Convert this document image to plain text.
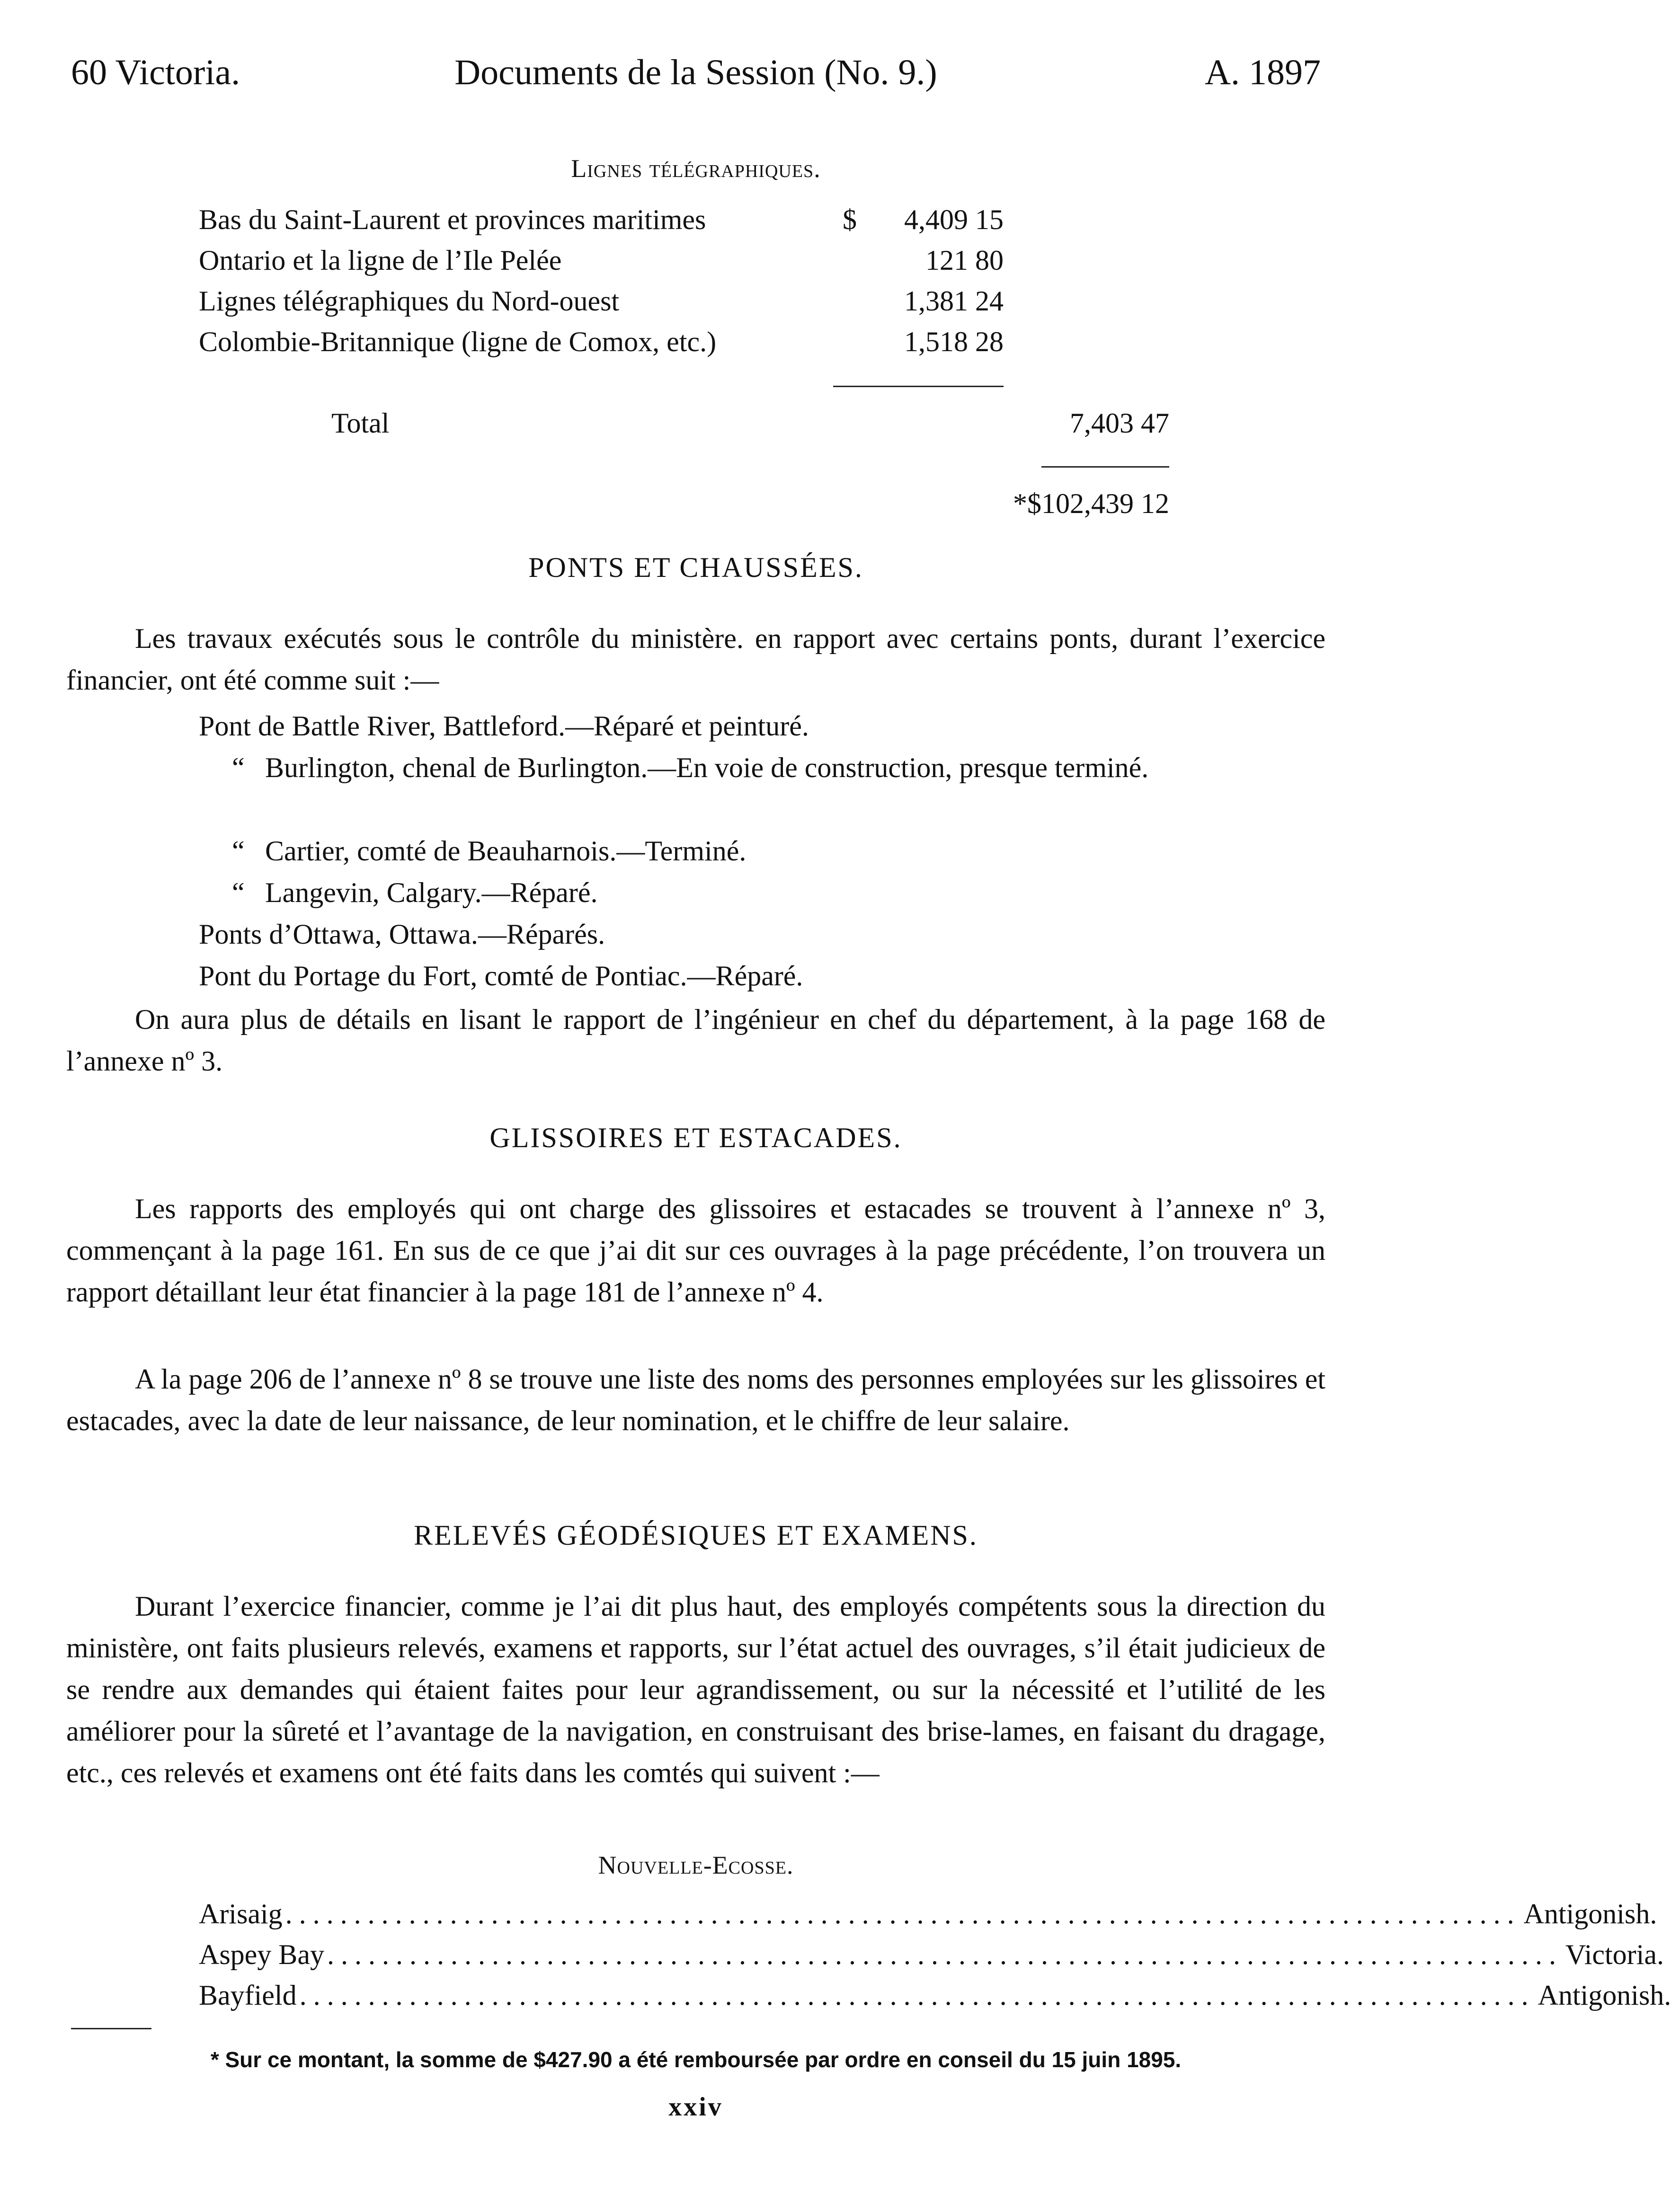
60 Victoria.	Documents de la Session (No. 9.)	A. 1897
Lignes télégraphiques.
Bas du Saint-Laurent et provinces maritimes	$ 4,409 15
Ontario et la ligne de l’Ile Pelée	121 80
Lignes télégraphiques du Nord-ouest	1,381 24
Colombie-Britannique (ligne de Comox, etc.)	1,518 28
Total	7,403 47
*$102,439 12
PONTS ET CHAUSSÉES.
Les travaux exécutés sous le contrôle du ministère. en rapport avec certains ponts, durant l’exercice financier, ont été comme suit :—
Pont de Battle River, Battleford.—Réparé et peinturé.
“ Burlington, chenal de Burlington.—En voie de construction, presque terminé.
“ Cartier, comté de Beauharnois.—Terminé.
“ Langevin, Calgary.—Réparé.
Ponts d’Ottawa, Ottawa.—Réparés.
Pont du Portage du Fort, comté de Pontiac.—Réparé.
On aura plus de détails en lisant le rapport de l’ingénieur en chef du département, à la page 168 de l’annexe nº 3.
GLISSOIRES ET ESTACADES.
Les rapports des employés qui ont charge des glissoires et estacades se trouvent à l’annexe nº 3, commençant à la page 161. En sus de ce que j’ai dit sur ces ouvrages à la page précédente, l’on trouvera un rapport détaillant leur état financier à la page 181 de l’annexe nº 4.
A la page 206 de l’annexe nº 8 se trouve une liste des noms des personnes employées sur les glissoires et estacades, avec la date de leur naissance, de leur nomination, et le chiffre de leur salaire.
RELEVÉS GÉODÉSIQUES ET EXAMENS.
Durant l’exercice financier, comme je l’ai dit plus haut, des employés compétents sous la direction du ministère, ont faits plusieurs relevés, examens et rapports, sur l’état actuel des ouvrages, s’il était judicieux de se rendre aux demandes qui étaient faites pour leur agrandissement, ou sur la nécessité et l’utilité de les améliorer pour la sûreté et l’avantage de la navigation, en construisant des brise-lames, en faisant du dragage, etc., ces relevés et examens ont été faits dans les comtés qui suivent :—
Nouvelle-Ecosse.
Arisaig .......................................................................................... Antigonish.
Aspey Bay .......................................................................................... Victoria.
Bayfield .......................................................................................... Antigonish.
* Sur ce montant, la somme de $427.90 a été remboursée par ordre en conseil du 15 juin 1895.
xxiv
